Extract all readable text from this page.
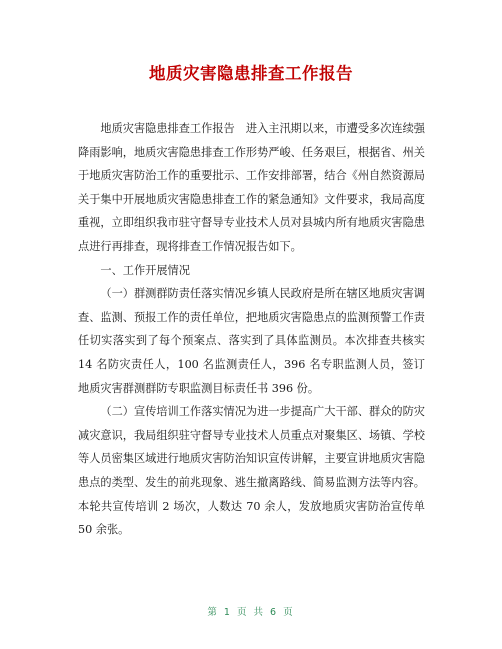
地质灾害隐患排查工作报告

地质灾害隐患排查工作报告　进入主汛期以来，市遭受多次连续强降雨影响，地质灾害隐患排查工作形势严峻、任务艰巨，根据省、州关于地质灾害防治工作的重要批示、工作安排部署，结合《州自然资源局关于集中开展地质灾害隐患排查工作的紧急通知》文件要求，我局高度重视，立即组织我市驻守督导专业技术人员对县城内所有地质灾害隐患点进行再排查，现将排查工作情况报告如下。

一、工作开展情况

（一）群测群防责任落实情况乡镇人民政府是所在辖区地质灾害调查、监测、预报工作的责任单位，把地质灾害隐患点的监测预警工作责任切实落实到了每个预案点、落实到了具体监测员。本次排查共核实 14 名防灾责任人，100 名监测责任人，396 名专职监测人员，签订地质灾害群测群防专职监测目标责任书 396 份。

（二）宣传培训工作落实情况为进一步提高广大干部、群众的防灾减灾意识，我局组织驻守督导专业技术人员重点对聚集区、场镇、学校等人员密集区域进行地质灾害防治知识宣传讲解，主要宣讲地质灾害隐患点的类型、发生的前兆现象、逃生撤离路线、简易监测方法等内容。本轮共宣传培训 2 场次，人数达 70 余人，发放地质灾害防治宣传单 50 余张。

第 1 页 共 6 页
